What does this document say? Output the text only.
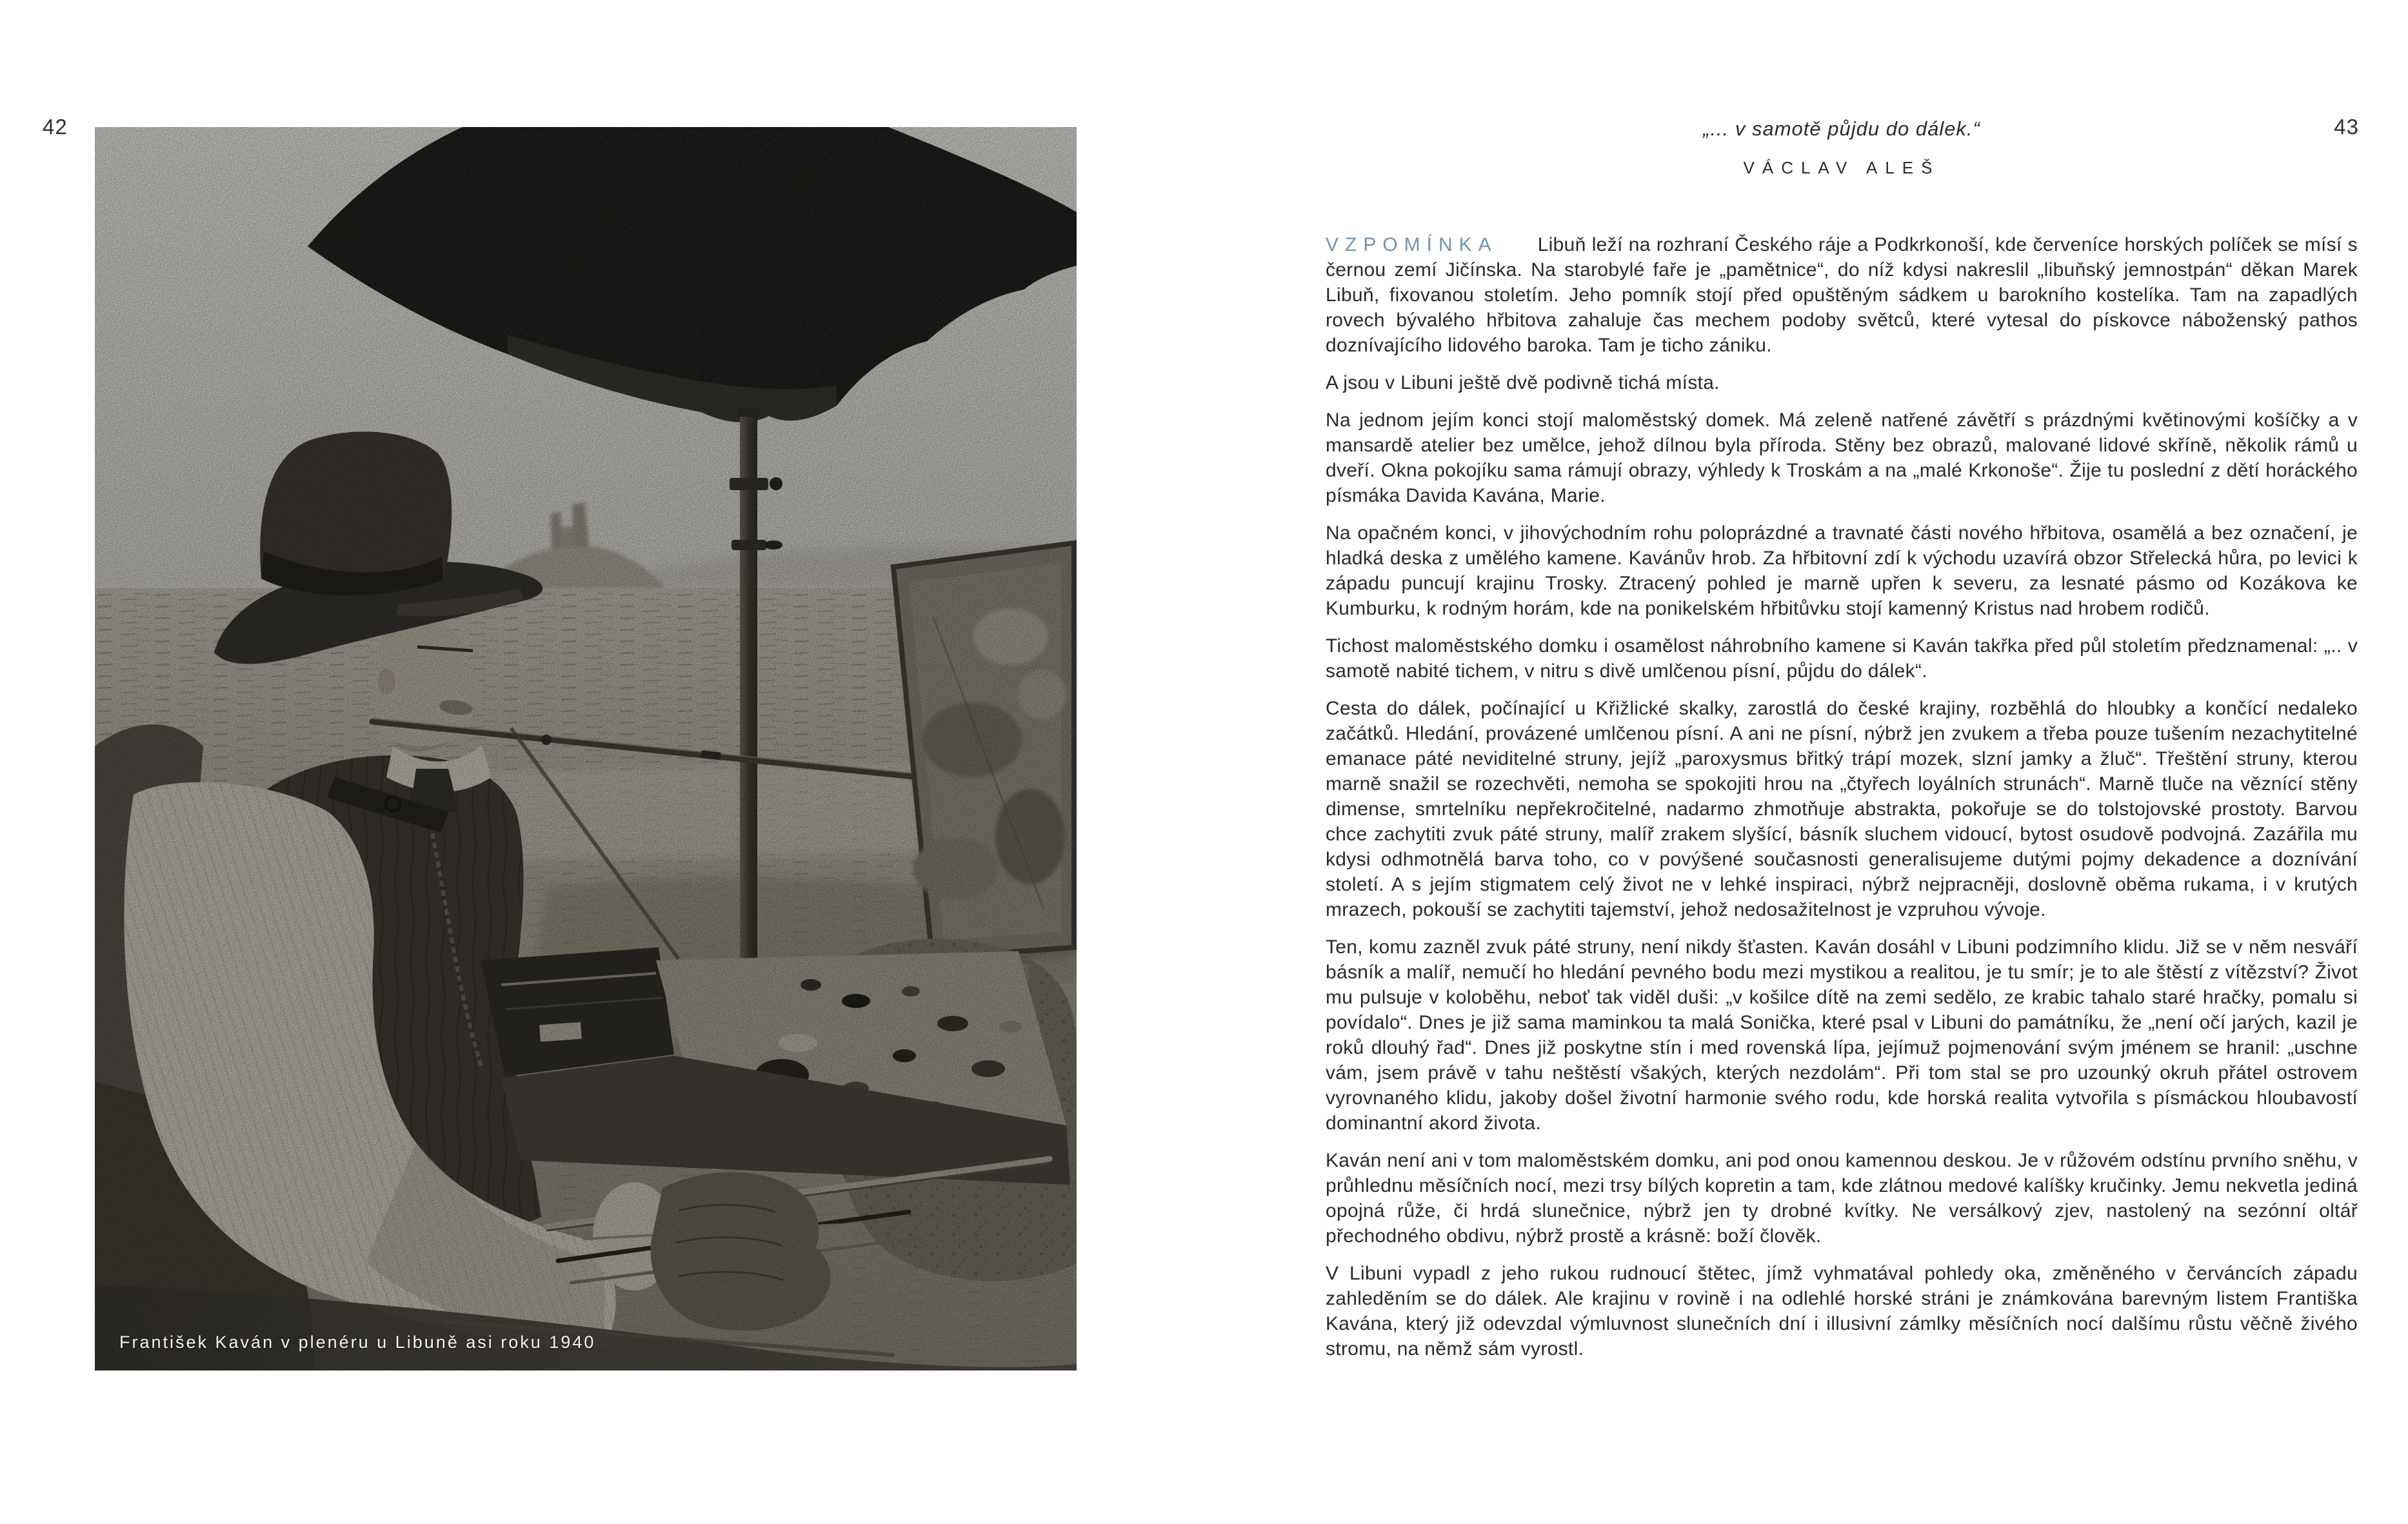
42
František Kaván v plenéru u Libuně asi roku 1940
43
„... v samotě půjdu do dálek.“
VÁCLAV ALEŠ

VZPOMÍNKA Libuň leží na rozhraní Českého ráje a Podkrkonoší, kde červeníce horských políček se mísí s černou zemí Jičínska. Na starobylé faře je „pamětnice“, do níž kdysi nakreslil „libuňský jemnostpán“ děkan Marek Libuň, fixovanou stoletím. Jeho pomník stojí před opuštěným sádkem u barokního kostelíka. Tam na zapadlých rovech bývalého hřbitova zahaluje čas mechem podoby světců, které vytesal do pískovce náboženský pathos doznívajícího lidového baroka. Tam je ticho zániku.

A jsou v Libuni ještě dvě podivně tichá místa.

Na jednom jejím konci stojí maloměstský domek. Má zeleně natřené závětří s prázdnými květinovými košíčky a v mansardě atelier bez umělce, jehož dílnou byla příroda. Stěny bez obrazů, malované lidové skříně, několik rámů u dveří. Okna pokojíku sama rámují obrazy, výhledy k Troskám a na „malé Krkonoše“. Žije tu poslední z dětí horáckého písmáka Davida Kavána, Marie.

Na opačném konci, v jihovýchodním rohu poloprázdné a travnaté části nového hřbitova, osamělá a bez označení, je hladká deska z umělého kamene. Kavánův hrob. Za hřbitovní zdí k východu uzavírá obzor Střelecká hůra, po levici k západu puncují krajinu Trosky. Ztracený pohled je marně upřen k severu, za lesnaté pásmo od Kozákova ke Kumburku, k rodným horám, kde na ponikelském hřbitůvku stojí kamenný Kristus nad hrobem rodičů.

Tichost maloměstského domku i osamělost náhrobního kamene si Kaván takřka před půl stoletím předznamenal: „.. v samotě nabité tichem, v nitru s divě umlčenou písní, půjdu do dálek“.

Cesta do dálek, počínající u Křižlické skalky, zarostlá do české krajiny, rozběhlá do hloubky a končící nedaleko začátků. Hledání, provázené umlčenou písní. A ani ne písní, nýbrž jen zvukem a třeba pouze tušením nezachytitelné emanace páté neviditelné struny, jejíž „paroxysmus břitký trápí mozek, slzní jamky a žluč“. Třeštění struny, kterou marně snažil se rozechvěti, nemoha se spokojiti hrou na „čtyřech loyálních strunách“. Marně tluče na věznící stěny dimense, smrtelníku nepřekročitelné, nadarmo zhmotňuje abstrakta, pokořuje se do tolstojovské prostoty. Barvou chce zachytiti zvuk páté struny, malíř zrakem slyšící, básník sluchem vidoucí, bytost osudově podvojná. Zazářila mu kdysi odhmotnělá barva toho, co v povýšené současnosti generalisujeme dutými pojmy dekadence a doznívání století. A s jejím stigmatem celý život ne v lehké inspiraci, nýbrž nejpracněji, doslovně oběma rukama, i v krutých mrazech, pokouší se zachytiti tajemství, jehož nedosažitelnost je vzpruhou vývoje.

Ten, komu zazněl zvuk páté struny, není nikdy šťasten. Kaván dosáhl v Libuni podzimního klidu. Již se v něm nesváří básník a malíř, nemučí ho hledání pevného bodu mezi mystikou a realitou, je tu smír; je to ale štěstí z vítězství? Život mu pulsuje v koloběhu, neboť tak viděl duši: „v košilce dítě na zemi sedělo, ze krabic tahalo staré hračky, pomalu si povídalo“. Dnes je již sama maminkou ta malá Sonička, které psal v Libuni do památníku, že „není očí jarých, kazil je roků dlouhý řad“. Dnes již poskytne stín i med rovenská lípa, jejímuž pojmenování svým jménem se hranil: „uschne vám, jsem právě v tahu neštěstí všakých, kterých nezdolám“. Při tom stal se pro uzounký okruh přátel ostrovem vyrovnaného klidu, jakoby došel životní harmonie svého rodu, kde horská realita vytvořila s písmáckou hloubavostí dominantní akord života.

Kaván není ani v tom maloměstském domku, ani pod onou kamennou deskou. Je v růžovém odstínu prvního sněhu, v průhlednu měsíčních nocí, mezi trsy bílých kopretin a tam, kde zlátnou medové kalíšky kručinky. Jemu nekvetla jediná opojná růže, či hrdá slunečnice, nýbrž jen ty drobné kvítky. Ne versálkový zjev, nastolený na sezónní oltář přechodného obdivu, nýbrž prostě a krásně: boží člověk.

V Libuni vypadl z jeho rukou rudnoucí štětec, jímž vyhmatával pohledy oka, změněného v červáncích západu zahleděním se do dálek. Ale krajinu v rovině i na odlehlé horské stráni je známkována barevným listem Františka Kavána, který již odevzdal výmluvnost slunečních dní i illusivní zámlky měsíčních nocí dalšímu růstu věčně živého stromu, na němž sám vyrostl.
